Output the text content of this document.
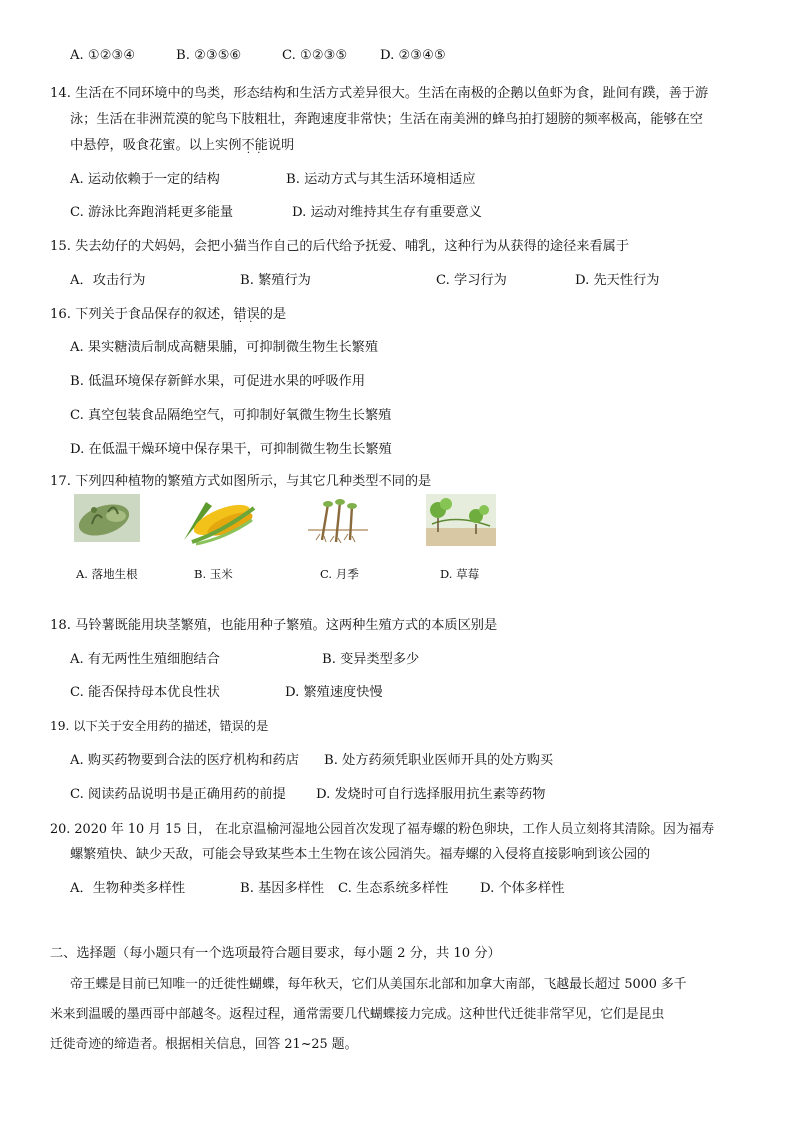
A. ①②③④	B. ②③⑤⑥	C. ①②③⑤ D. ②③④⑤
14. 生活在不同环境中的鸟类，形态结构和生活方式差异很大。生活在南极的企鹅以鱼虾为食，趾间有蹼，善于游
泳；生活在非洲荒漠的鸵鸟下肢粗壮，奔跑速度非常快；生活在南美洲的蜂鸟拍打翅膀的频率极高，能够在空
中悬停，吸食花蜜。以上实例不能 · ·说明
A. 运动依赖于一定的结构	B. 运动方式与其生活环境相适应
C. 游泳比奔跑消耗更多能量	D. 运动对维持其生存有重要意义
15. 失去幼仔的犬妈妈，会把小猫当作自己的后代给予抚爱、哺乳，这种行为从获得的途径来看属于
A．攻击行为	B. 繁殖行为	C. 学习行为	D. 先天性行为
16. 下列关于食品保存的叙述，错误 · ·的是
A. 果实糖渍后制成高糖果脯，可抑制微生物生长繁殖
B. 低温环境保存新鲜水果，可促进水果的呼吸作用
C. 真空包装食品隔绝空气，可抑制好氧微生物生长繁殖
D. 在低温干燥环境中保存果干，可抑制微生物生长繁殖
17. 下列四种植物的繁殖方式如图所示，与其它几种类型不同的是
A. 落地生根	B. 玉米	C. 月季	D. 草莓
18. 马铃薯既能用块茎繁殖，也能用种子繁殖。这两种生殖方式的本质区别是
A. 有无两性生殖细胞结合	B. 变异类型多少
C. 能否保持母本优良性状	D. 繁殖速度快慢
19. 以下关于安全用药的描述，错误的是
A. 购买药物要到合法的医疗机构和药店 B. 处方药须凭职业医师开具的处方购买
C. 阅读药品说明书是正确用药的前提 D. 发烧时可自行选择服用抗生素等药物
20. 2020 年 10 月 15 日， 在北京温榆河湿地公园首次发现了福寿螺的粉色卵块，工作人员立刻将其清除。因为福寿
螺繁殖快、缺少天敌，可能会导致某些本土生物在该公园消失。福寿螺的入侵将直接影响到该公园的
A．生物种类多样性	B. 基因多样性 C. 生态系统多样性 D. 个体多样性
二、选择题（每小题只有一个选项最符合题目要求，每小题 2 分，共 10 分）
帝王蝶是目前已知唯一的迁徙性蝴蝶，每年秋天，它们从美国东北部和加拿大南部，飞越最长超过 5000 多千
米来到温暖的墨西哥中部越冬。返程过程，通常需要几代蝴蝶接力完成。这种世代迁徙非常罕见，它们是昆虫
迁徙奇迹的缔造者。根据相关信息，回答 21~25 题。
